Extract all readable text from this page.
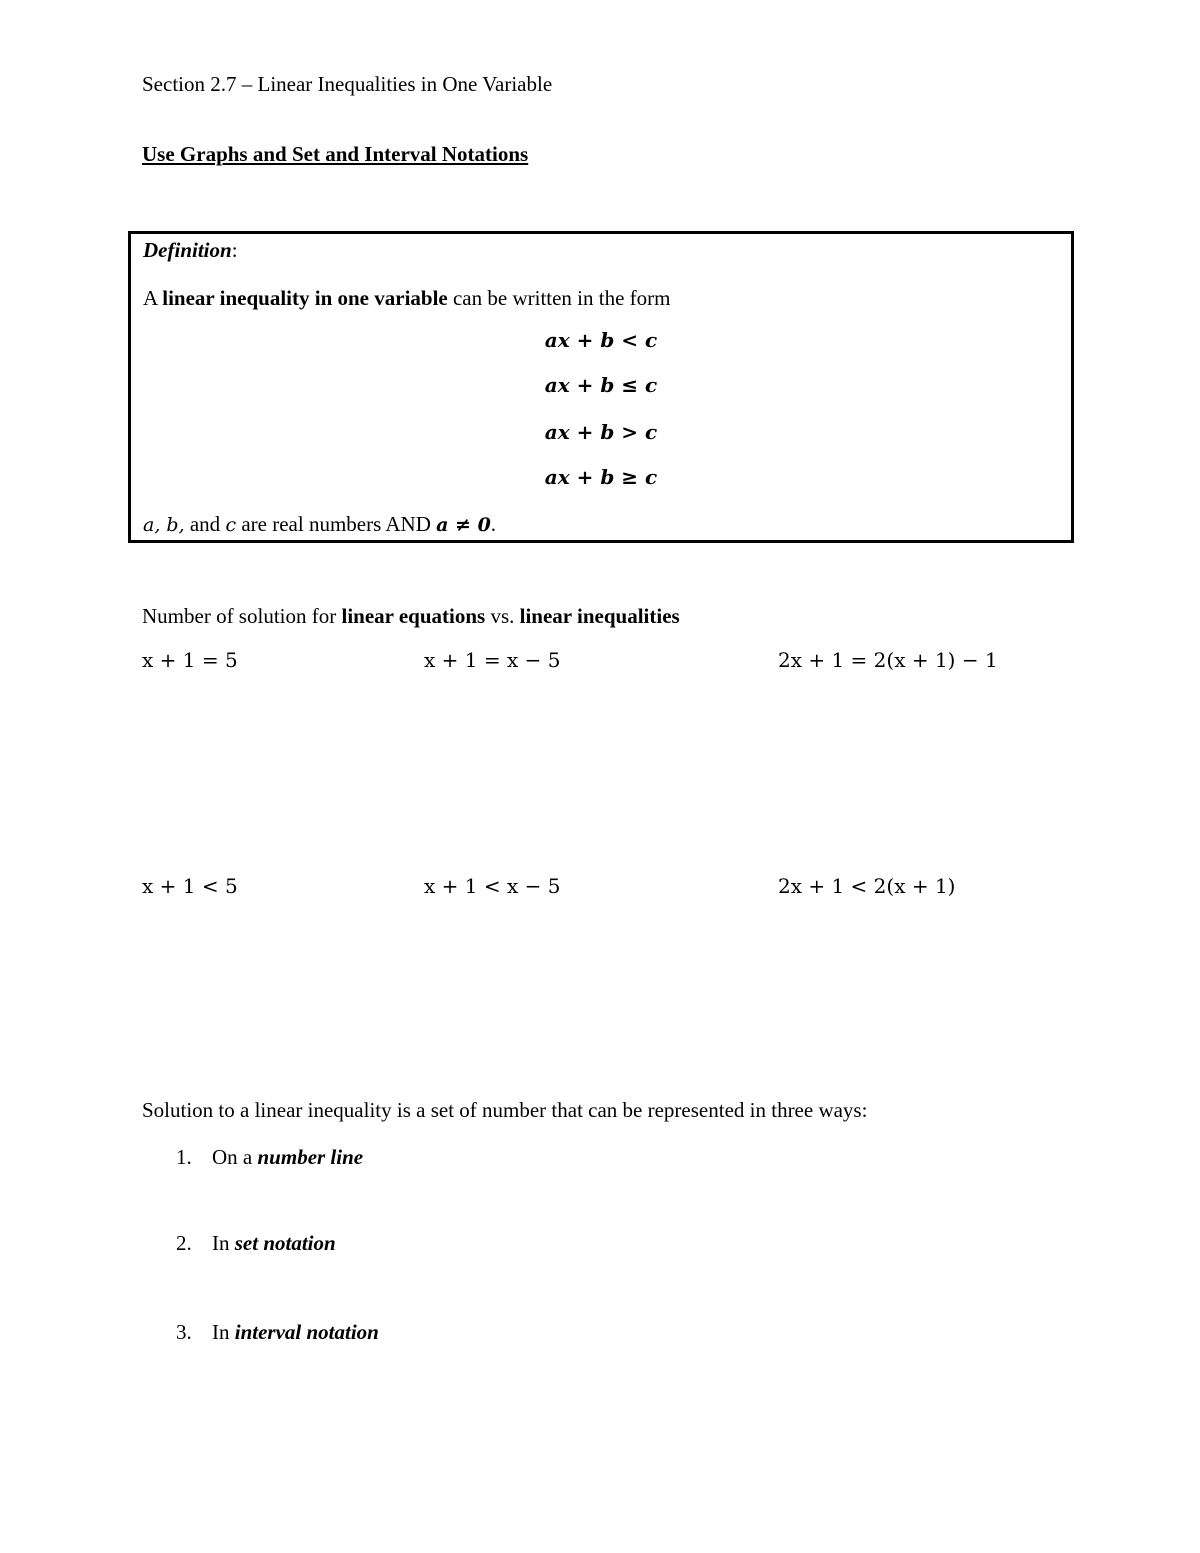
Section 2.7 – Linear Inequalities in One Variable
Use Graphs and Set and Interval Notations
Definition:
A linear inequality in one variable can be written in the form
ax + b < c
ax + b ≤ c
ax + b > c
ax + b ≥ c
a, b, and c are real numbers AND a ≠ 0.
Number of solution for linear equations vs. linear inequalities
x + 1 = 5	x + 1 = x − 5	2x + 1 = 2(x + 1) − 1
x + 1 < 5	x + 1 < x − 5	2x + 1 < 2(x + 1)
Solution to a linear inequality is a set of number that can be represented in three ways:
1. On a number line
2. In set notation
3. In interval notation
